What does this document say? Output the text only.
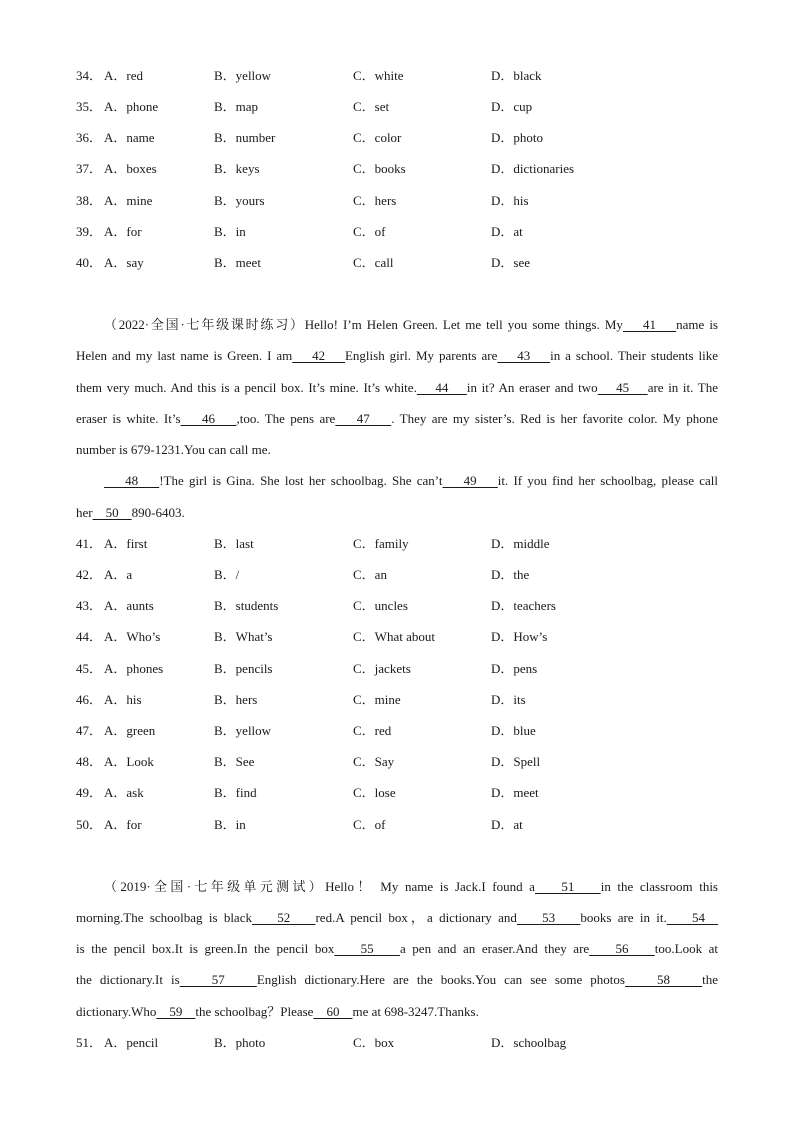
34． A．red	B．yellow	C．white	D．black
35． A．phone	B．map	C．set	D．cup
36． A．name	B．number	C．color	D．photo
37． A．boxes	B．keys	C．books	D．dictionaries
38． A．mine	B．yours	C．hers	D．his
39． A．for	B．in	C．of	D．at
40． A．say	B．meet	C．call	D．see
（2022·全国·七年级课时练习）Hello! I’m Helen Green. Let me tell you some things. My    41    name is
Helen and my last name is Green. I am    42    English girl. My parents are    43    in a school. Their students like
them very much. And this is a pencil box. It’s mine. It’s white.    44    in it? An eraser and two    45    are in it. The
eraser is white. It’s    46    ,too. The pens are    47    . They are my sister’s. Red is her favorite color. My phone
number is 679-1231.You can call me.
48    !The girl is Gina. She lost her schoolbag. She can’t    49    it. If you find her schoolbag, please call
her    50    890-6403.
41． A．first	B．last	C．family	D．middle
42． A．a	B．/	C．an	D．the
43． A．aunts	B．students	C．uncles	D．teachers
44． A．Who’s	B．What’s	C．What about	D．How’s
45． A．phones	B．pencils	C．jackets	D．pens
46． A．his	B．hers	C．mine	D．its
47． A．green	B．yellow	C．red	D．blue
48． A．Look	B．See	C．Say	D．Spell
49． A．ask	B．find	C．lose	D．meet
50． A．for	B．in	C．of	D．at
（2019·全国·七年级单元测试）Hello！ My name is Jack.I found a    51    in the classroom this
morning.The schoolbag is black    52    red.A pencil box，a dictionary and    53    books are in it.    54
is the pencil box.It is green.In the pencil box    55    a pen and an eraser.And they are    56    too.Look at
the dictionary.It is    57    English dictionary.Here are the books.You can see some photos    58    the
dictionary.Who    59    the schoolbag？Please    60    me at 698-3247.Thanks.
51． A．pencil	B．photo	C．box	D．schoolbag
